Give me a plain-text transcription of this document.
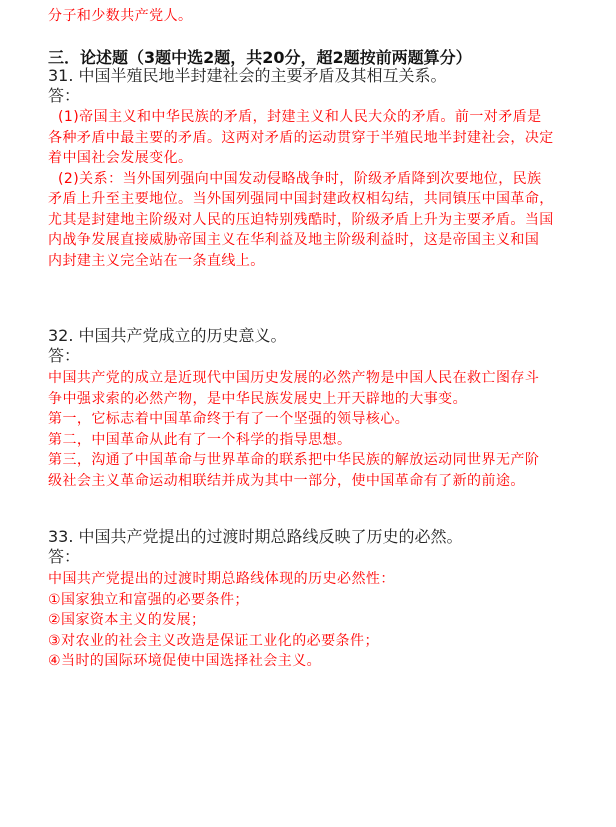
分子和少数共产党人。
三．论述题（3题中选2题，共20分，超2题按前两题算分）
31. 中国半殖民地半封建社会的主要矛盾及其相互关系。
答：
(1)帝国主义和中华民族的矛盾，封建主义和人民大众的矛盾。前一对矛盾是
各种矛盾中最主要的矛盾。这两对矛盾的运动贯穿于半殖民地半封建社会，决定
着中国社会发展变化。
(2)关系：当外国列强向中国发动侵略战争时，阶级矛盾降到次要地位，民族
矛盾上升至主要地位。当外国列强同中国封建政权相勾结，共同镇压中国革命，
尤其是封建地主阶级对人民的压迫特别残酷时，阶级矛盾上升为主要矛盾。当国
内战争发展直接威胁帝国主义在华利益及地主阶级利益时，这是帝国主义和国
内封建主义完全站在一条直线上。
32. 中国共产党成立的历史意义。
答：
中国共产党的成立是近现代中国历史发展的必然产物是中国人民在救亡图存斗
争中强求索的必然产物，是中华民族发展史上开天辟地的大事变。
第一，它标志着中国革命终于有了一个坚强的领导核心。
第二，中国革命从此有了一个科学的指导思想。
第三，沟通了中国革命与世界革命的联系把中华民族的解放运动同世界无产阶
级社会主义革命运动相联结并成为其中一部分，使中国革命有了新的前途。
33. 中国共产党提出的过渡时期总路线反映了历史的必然。
答：
中国共产党提出的过渡时期总路线体现的历史必然性：
①国家独立和富强的必要条件；
②国家资本主义的发展；
③对农业的社会主义改造是保证工业化的必要条件；
④当时的国际环境促使中国选择社会主义。
